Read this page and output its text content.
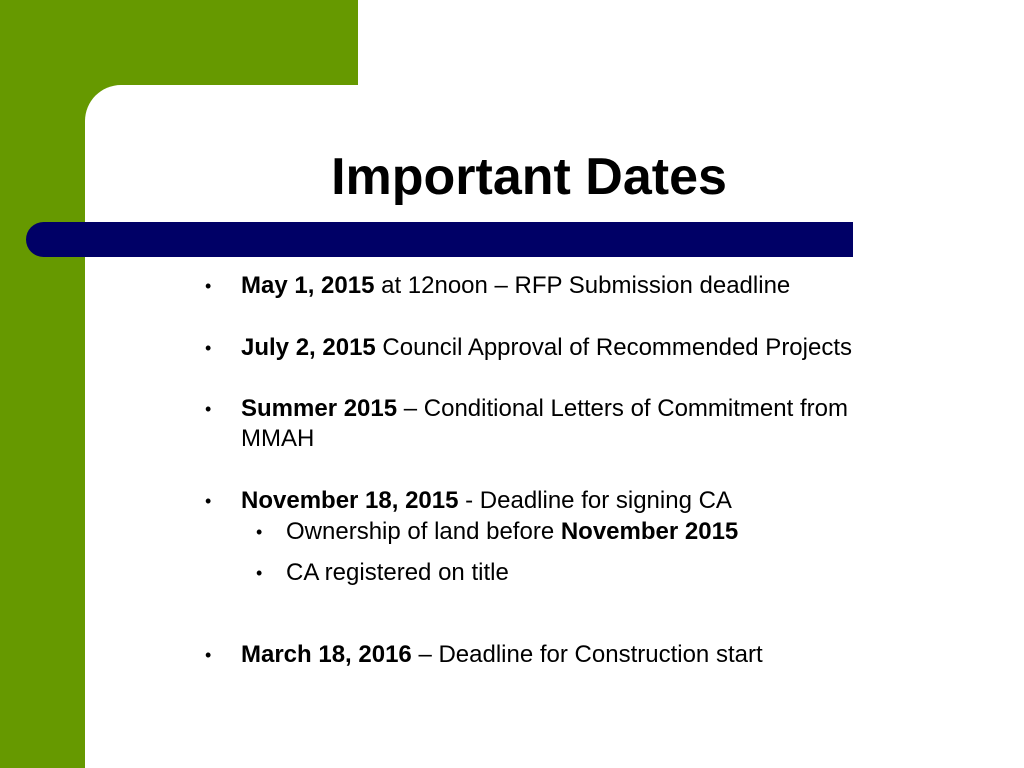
Important Dates
•	May 1, 2015 at 12noon – RFP Submission deadline
•	July 2, 2015 Council Approval of Recommended Projects
•	Summer 2015 – Conditional Letters of Commitment from MMAH
•	November 18, 2015 - Deadline for signing CA
• Ownership of land before November 2015
• CA registered on title
•	March 18, 2016 – Deadline for Construction start
